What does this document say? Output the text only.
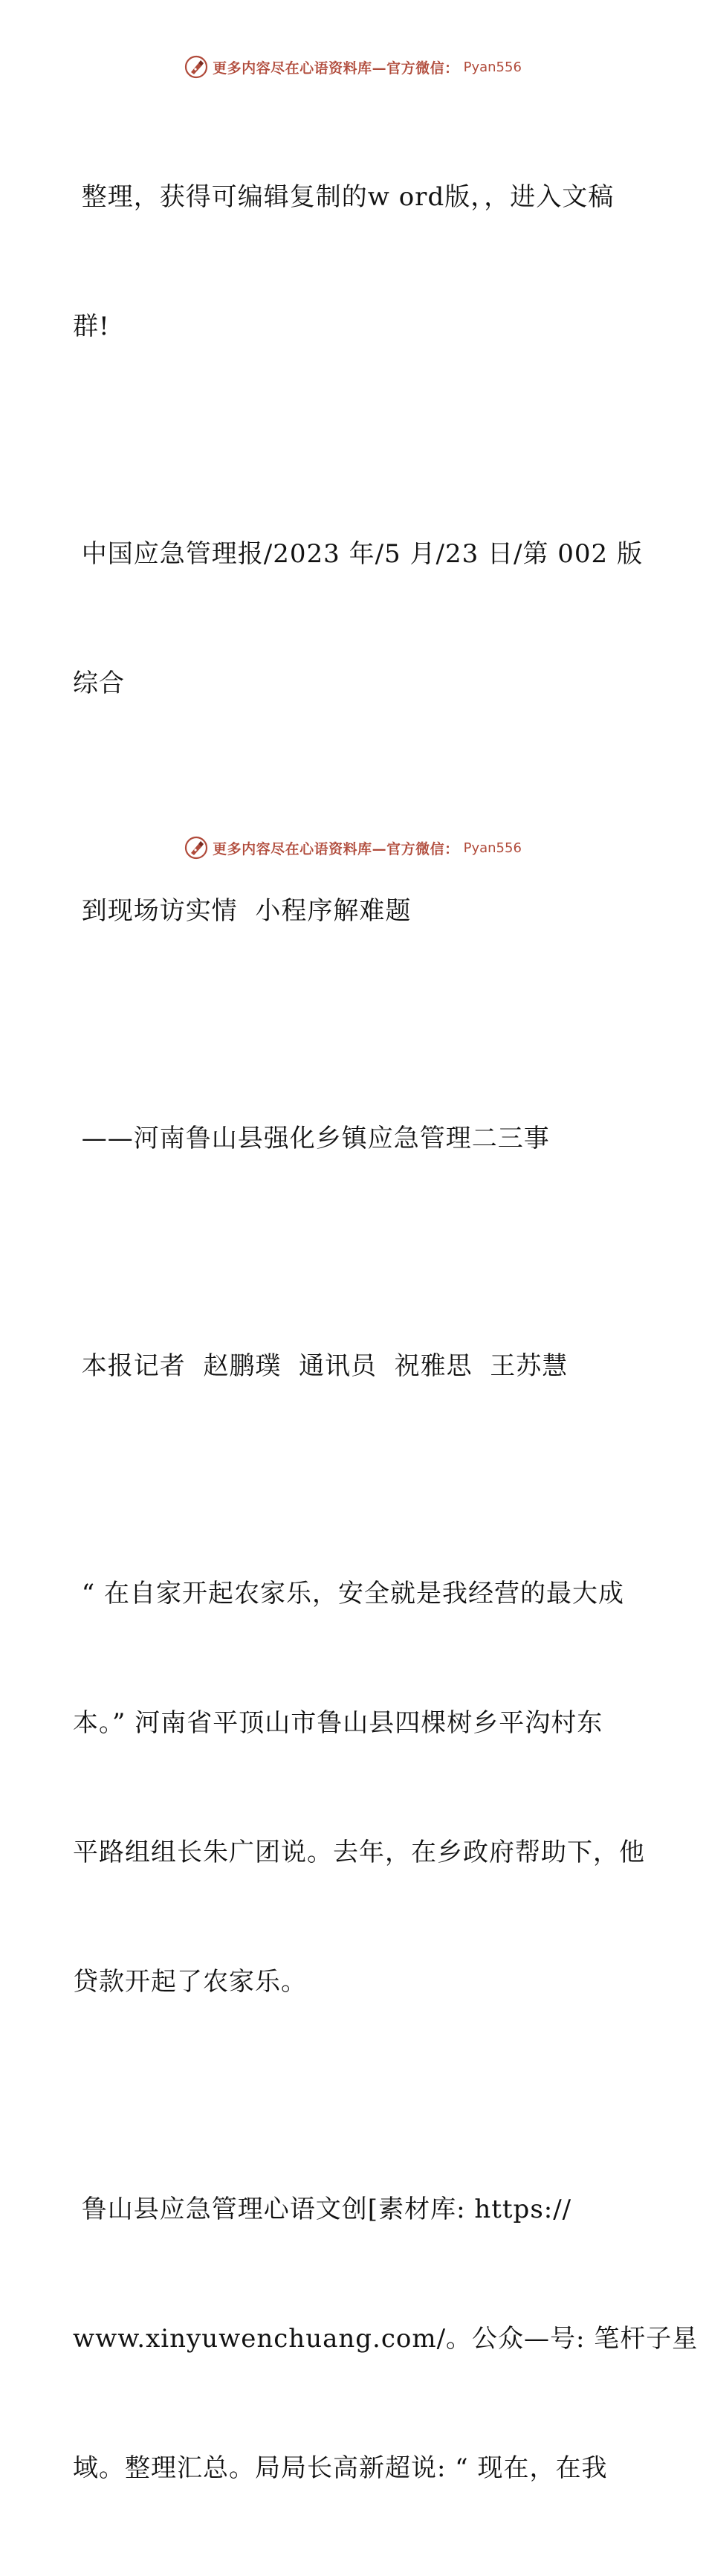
更多内容尽在心语资料库—官方微信： Pyan556

整理，获得可编辑复制的w ord版，，进入文稿

群!

中国应急管理报/2023 年/5 月/23 日/第 002 版

综合

到现场访实情  小程序解难题

——河南鲁山县强化乡镇应急管理二三事

本报记者  赵鹏璞  通讯员  祝雅思  王苏慧

“ 在自家开起农家乐，安全就是我经营的最大成

本。” 河南省平顶山市鲁山县四棵树乡平沟村东

平路组组长朱广团说。去年，在乡政府帮助下，他

贷款开起了农家乐。

鲁山县应急管理心语文创[素材库: https://

www.xinyuwenchuang.com/。公众—号: 笔杆子星

域。整理汇总。局局长高新超说: “ 现在，在我

更多内容尽在心语资料库—官方微信： Pyan556
